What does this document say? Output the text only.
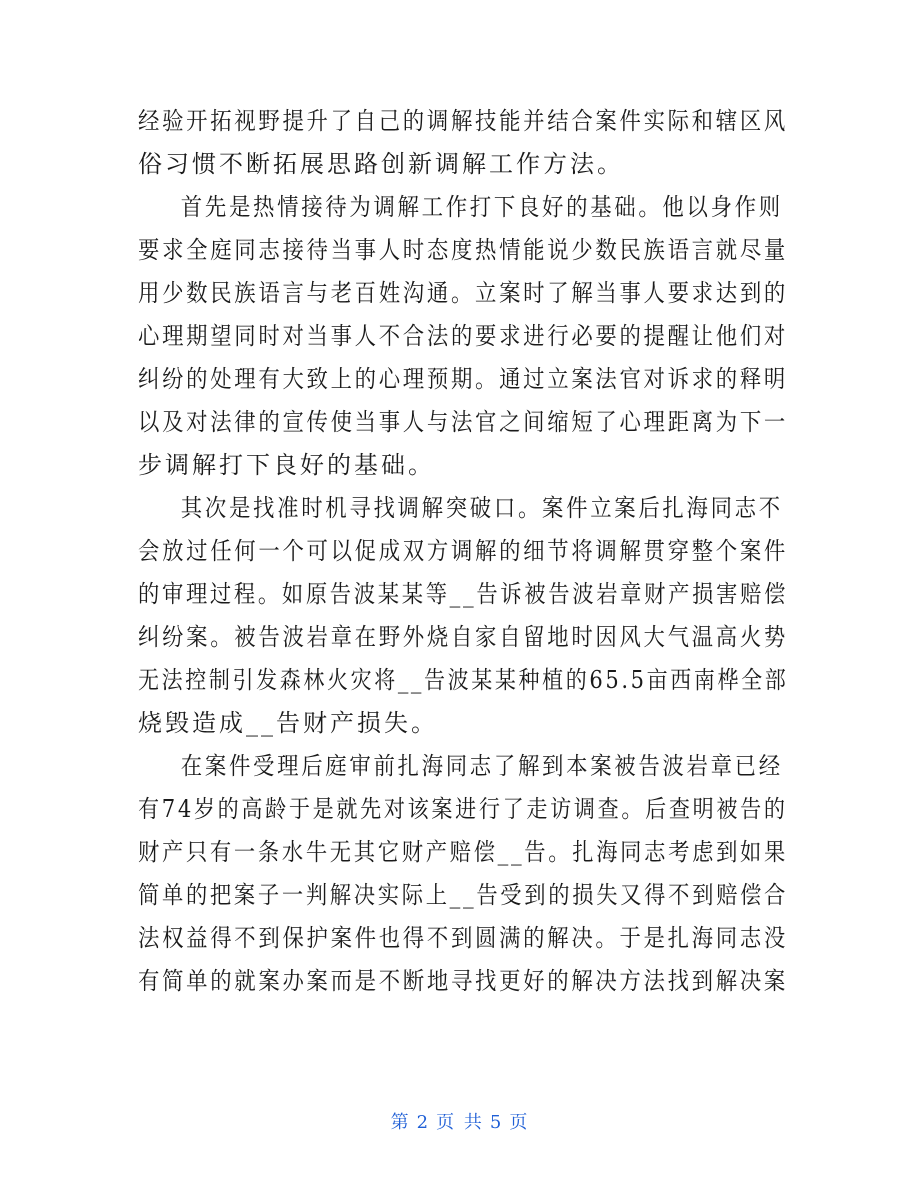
经验开拓视野提升了自己的调解技能并结合案件实际和辖区风
俗习惯不断拓展思路创新调解工作方法。
首先是热情接待为调解工作打下良好的基础。他以身作则
要求全庭同志接待当事人时态度热情能说少数民族语言就尽量
用少数民族语言与老百姓沟通。立案时了解当事人要求达到的
心理期望同时对当事人不合法的要求进行必要的提醒让他们对
纠纷的处理有大致上的心理预期。通过立案法官对诉求的释明
以及对法律的宣传使当事人与法官之间缩短了心理距离为下一
步调解打下良好的基础。
其次是找准时机寻找调解突破口。案件立案后扎海同志不
会放过任何一个可以促成双方调解的细节将调解贯穿整个案件
的审理过程。如原告波某某等__告诉被告波岩章财产损害赔偿
纠纷案。被告波岩章在野外烧自家自留地时因风大气温高火势
无法控制引发森林火灾将__告波某某种植的65.5亩西南桦全部
烧毁造成__告财产损失。
在案件受理后庭审前扎海同志了解到本案被告波岩章已经
有74岁的高龄于是就先对该案进行了走访调查。后查明被告的
财产只有一条水牛无其它财产赔偿__告。扎海同志考虑到如果
简单的把案子一判解决实际上__告受到的损失又得不到赔偿合
法权益得不到保护案件也得不到圆满的解决。于是扎海同志没
有简单的就案办案而是不断地寻找更好的解决方法找到解决案
第 2 页 共 5 页
